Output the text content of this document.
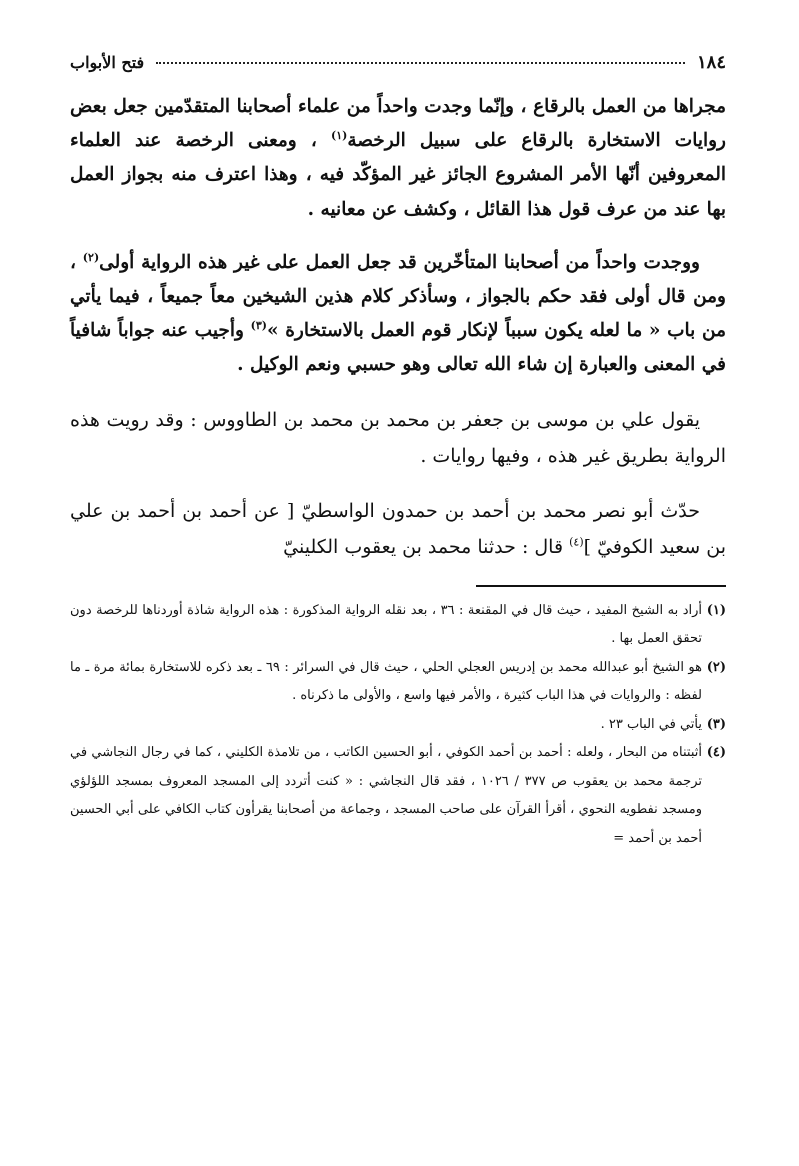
١٨٤
فتح الأبواب

مجراها من العمل بالرقاع ، وإنّما وجدت واحداً من علماء أصحابنا المتقدّمين جعل بعض روايات الاستخارة بالرقاع على سبيل الرخصة$^{(١)}$ ، ومعنى الرخصة عند العلماء المعروفين أنّها الأمر المشروع الجائز غير المؤكّد فيه ، وهذا اعترف منه بجواز العمل بها عند من عرف قول هذا القائل ، وكشف عن معانيه .

ووجدت واحداً من أصحابنا المتأخّرين قد جعل العمل على غير هذه الرواية أولى$^{(٢)}$ ، ومن قال أولى فقد حكم بالجواز ، وسأذكر كلام هذين الشيخين معاً جميعاً ، فيما يأتي من باب « ما لعله يكون سبباً لإنكار قوم العمل بالاستخارة »$^{(٣)}$ وأجيب عنه جواباً شافياً في المعنى والعبارة إن شاء الله تعالى وهو حسبي ونعم الوكيل .

يقول علي بن موسى بن جعفر بن محمد بن محمد بن الطاووس : وقد رويت هذه الرواية بطريق غير هذه ، وفيها روايات .

حدّث أبو نصر محمد بن أحمد بن حمدون الواسطيّ [ عن أحمد بن أحمد بن علي بن سعيد الكوفيّ ]$^{(٤)}$ قال : حدثنا محمد بن يعقوب الكلينيّ

(١)
أراد به الشيخ المفيد ، حيث قال في المقنعة : ٣٦ ، بعد نقله الرواية المذكورة : هذه الرواية شاذة أوردناها للرخصة دون تحقق العمل بها .

(٢)
هو الشيخ أبو عبدالله محمد بن إدريس العجلي الحلي ، حيث قال في السرائر : ٦٩ ـ بعد ذكره للاستخارة بمائة مرة ـ ما لفظه : والروايات في هذا الباب كثيرة ، والأمر فيها واسع ، والأولى ما ذكرناه .

(٣)
يأتي في الباب ٢٣ .

(٤)
أثبتناه من البحار ، ولعله : أحمد بن أحمد الكوفي ، أبو الحسين الكاتب ، من تلامذة الكليني ، كما في رجال النجاشي في ترجمة محمد بن يعقوب ص ٣٧٧ / ١٠٢٦ ، فقد قال النجاشي : « كنت أتردد إلى المسجد المعروف بمسجد اللؤلؤي ومسجد نفطويه النحوي ، أقرأ القرآن على صاحب المسجد ، وجماعة من أصحابنا يقرأون كتاب الكافي على أبي الحسين أحمد بن أحمد =
